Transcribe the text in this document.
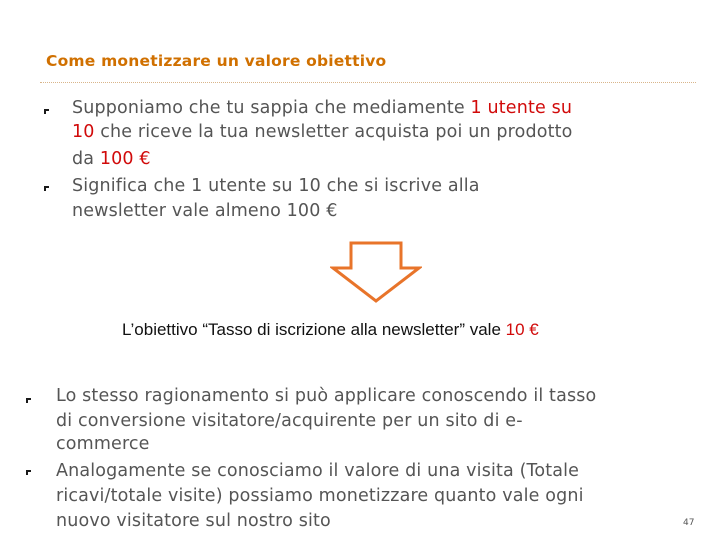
Come monetizzare un valore obiettivo
Supponiamo che tu sappia che mediamente 1 utente su
10 che riceve la tua newsletter acquista poi un prodotto
da 100 €
Significa che 1 utente su 10 che si iscrive alla
newsletter vale almeno 100 €
L’obiettivo “Tasso di iscrizione alla newsletter” vale 10 €
Lo stesso ragionamento si può applicare conoscendo il tasso
di conversione visitatore/acquirente per un sito di e-
commerce
Analogamente se conosciamo il valore di una visita (Totale
ricavi/totale visite) possiamo monetizzare quanto vale ogni
nuovo visitatore sul nostro sito	47
